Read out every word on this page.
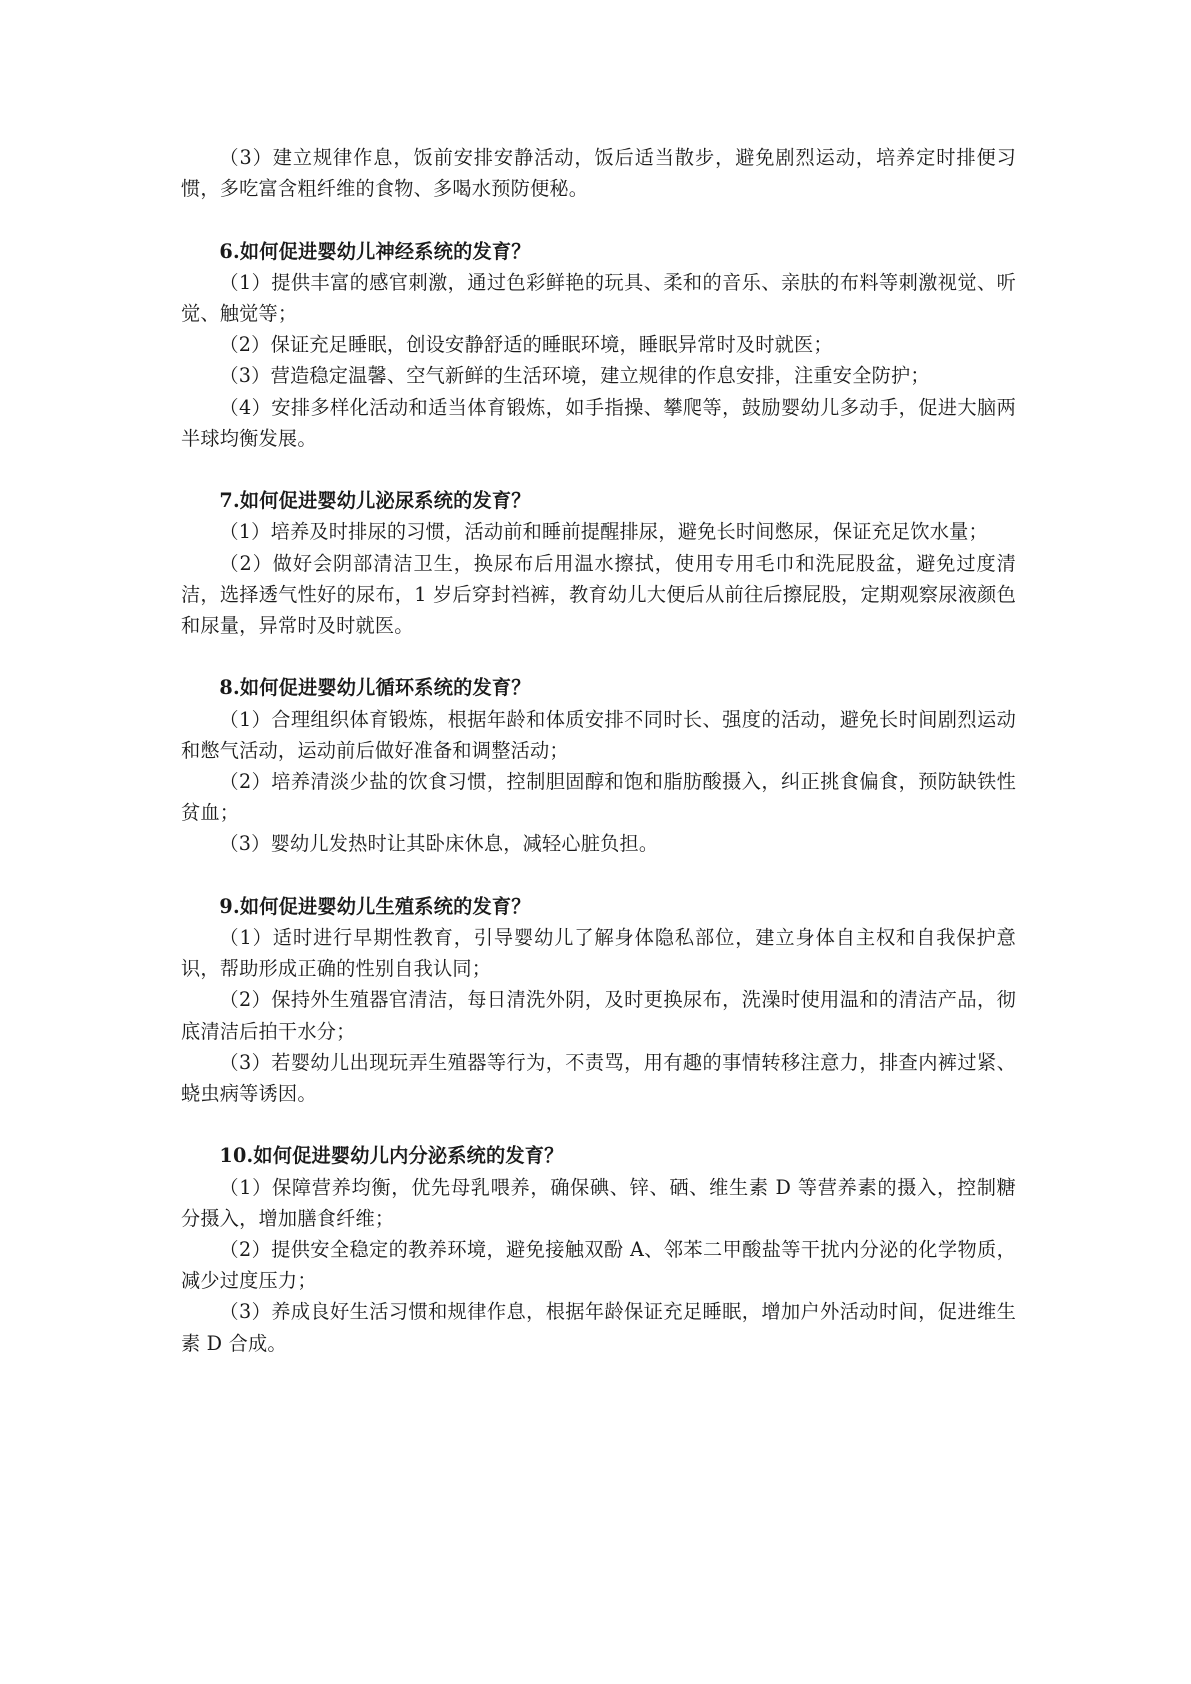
（3）建立规律作息，饭前安排安静活动，饭后适当散步，避免剧烈运动，培养定时排便习惯，多吃富含粗纤维的食物、多喝水预防便秘。

6.如何促进婴幼儿神经系统的发育？

（1）提供丰富的感官刺激，通过色彩鲜艳的玩具、柔和的音乐、亲肤的布料等刺激视觉、听觉、触觉等；

（2）保证充足睡眠，创设安静舒适的睡眠环境，睡眠异常时及时就医；

（3）营造稳定温馨、空气新鲜的生活环境，建立规律的作息安排，注重安全防护；

（4）安排多样化活动和适当体育锻炼，如手指操、攀爬等，鼓励婴幼儿多动手，促进大脑两半球均衡发展。

7.如何促进婴幼儿泌尿系统的发育？

（1）培养及时排尿的习惯，活动前和睡前提醒排尿，避免长时间憋尿，保证充足饮水量；

（2）做好会阴部清洁卫生，换尿布后用温水擦拭，使用专用毛巾和洗屁股盆，避免过度清洁，选择透气性好的尿布，1 岁后穿封裆裤，教育幼儿大便后从前往后擦屁股，定期观察尿液颜色和尿量，异常时及时就医。

8.如何促进婴幼儿循环系统的发育？

（1）合理组织体育锻炼，根据年龄和体质安排不同时长、强度的活动，避免长时间剧烈运动和憋气活动，运动前后做好准备和调整活动；

（2）培养清淡少盐的饮食习惯，控制胆固醇和饱和脂肪酸摄入，纠正挑食偏食，预防缺铁性贫血；

（3）婴幼儿发热时让其卧床休息，减轻心脏负担。

9.如何促进婴幼儿生殖系统的发育？

（1）适时进行早期性教育，引导婴幼儿了解身体隐私部位，建立身体自主权和自我保护意识，帮助形成正确的性别自我认同；

（2）保持外生殖器官清洁，每日清洗外阴，及时更换尿布，洗澡时使用温和的清洁产品，彻底清洁后拍干水分；

（3）若婴幼儿出现玩弄生殖器等行为，不责骂，用有趣的事情转移注意力，排查内裤过紧、蛲虫病等诱因。

10.如何促进婴幼儿内分泌系统的发育？

（1）保障营养均衡，优先母乳喂养，确保碘、锌、硒、维生素 D 等营养素的摄入，控制糖分摄入，增加膳食纤维；

（2）提供安全稳定的教养环境，避免接触双酚 A、邻苯二甲酸盐等干扰内分泌的化学物质，减少过度压力；

（3）养成良好生活习惯和规律作息，根据年龄保证充足睡眠，增加户外活动时间，促进维生素 D 合成。
